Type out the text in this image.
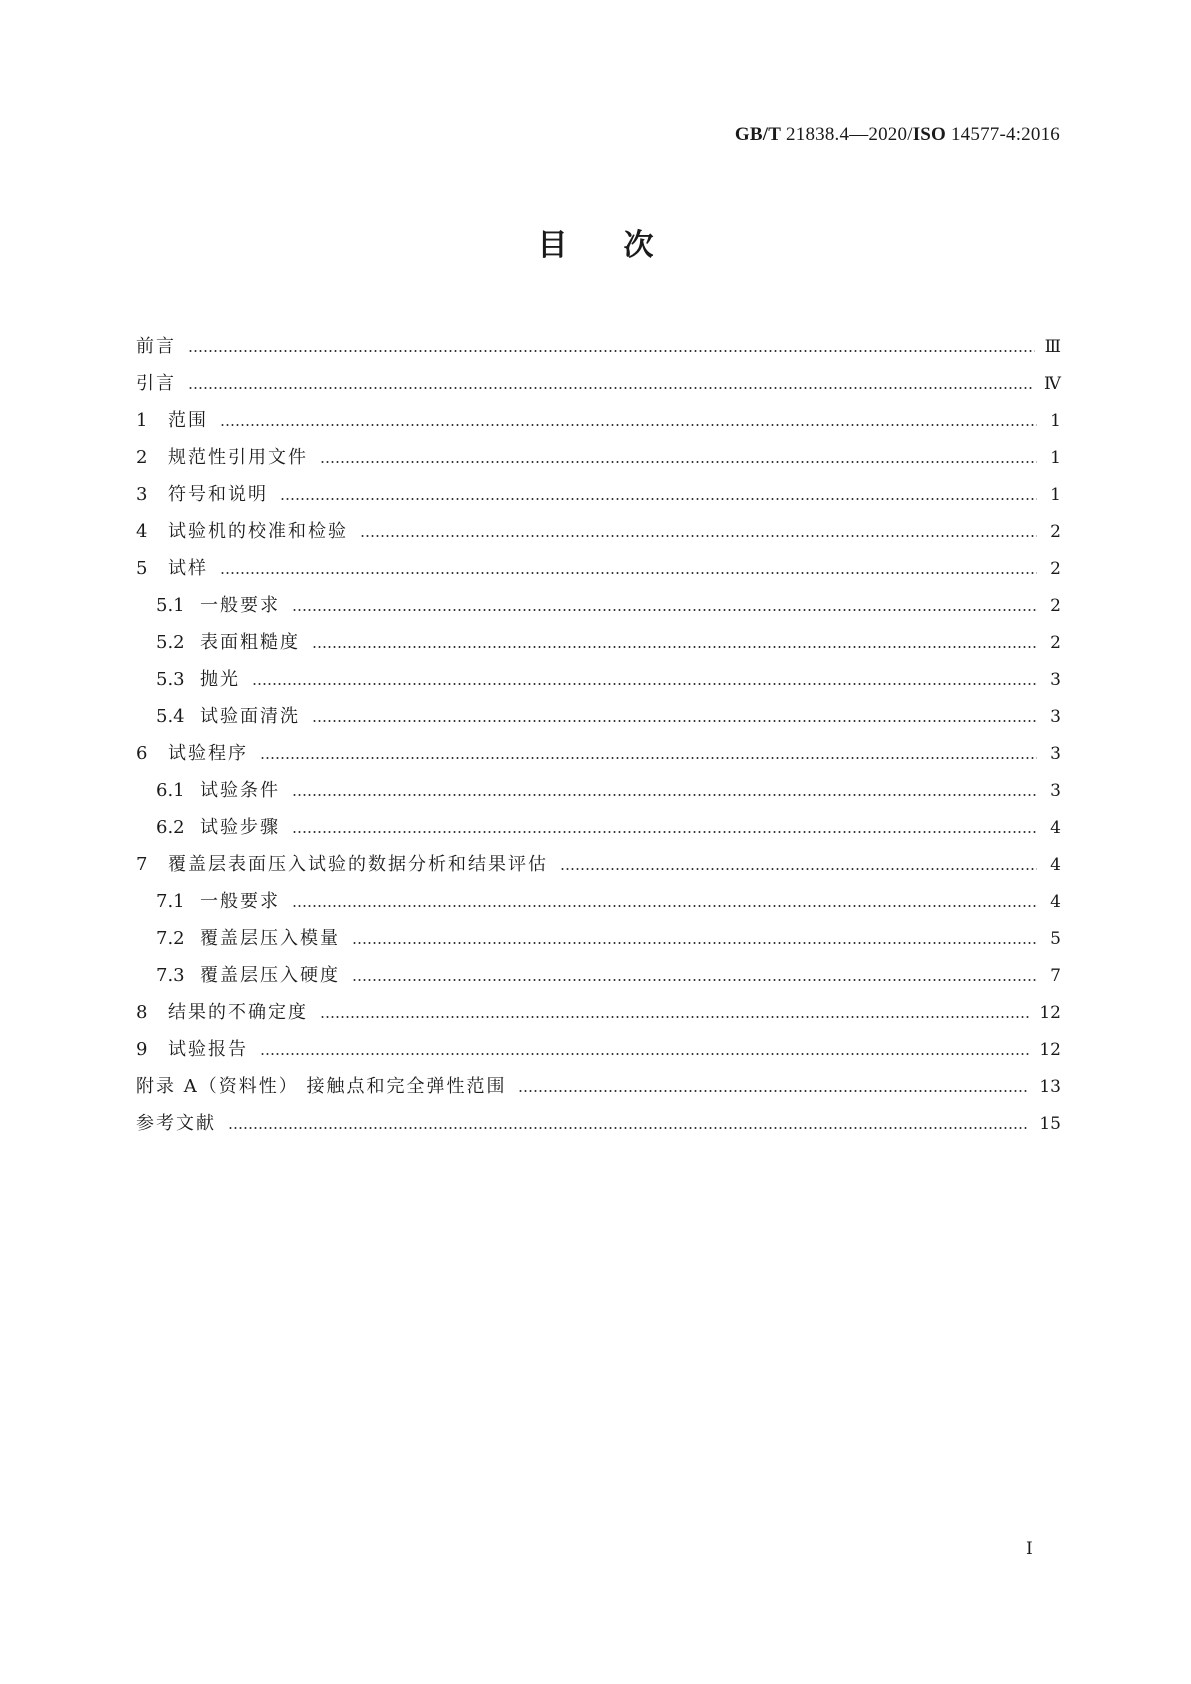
GB/T 21838.4—2020/ISO 14577-4:2016
目次
前言	Ⅲ
引言	Ⅳ
1	范围	1
2	规范性引用文件	1
3	符号和说明	1
4	试验机的校准和检验	2
5	试样	2
5.1 一般要求	2
5.2 表面粗糙度	2
5.3 抛光	3
5.4 试验面清洗	3
6	试验程序	3
6.1 试验条件	3
6.2 试验步骤	4
7	覆盖层表面压入试验的数据分析和结果评估	4
7.1 一般要求	4
7.2 覆盖层压入模量	5
7.3 覆盖层压入硬度	7
8	结果的不确定度	12
9	试验报告	12
附录 A（资料性） 接触点和完全弹性范围	13
参考文献	15
I
